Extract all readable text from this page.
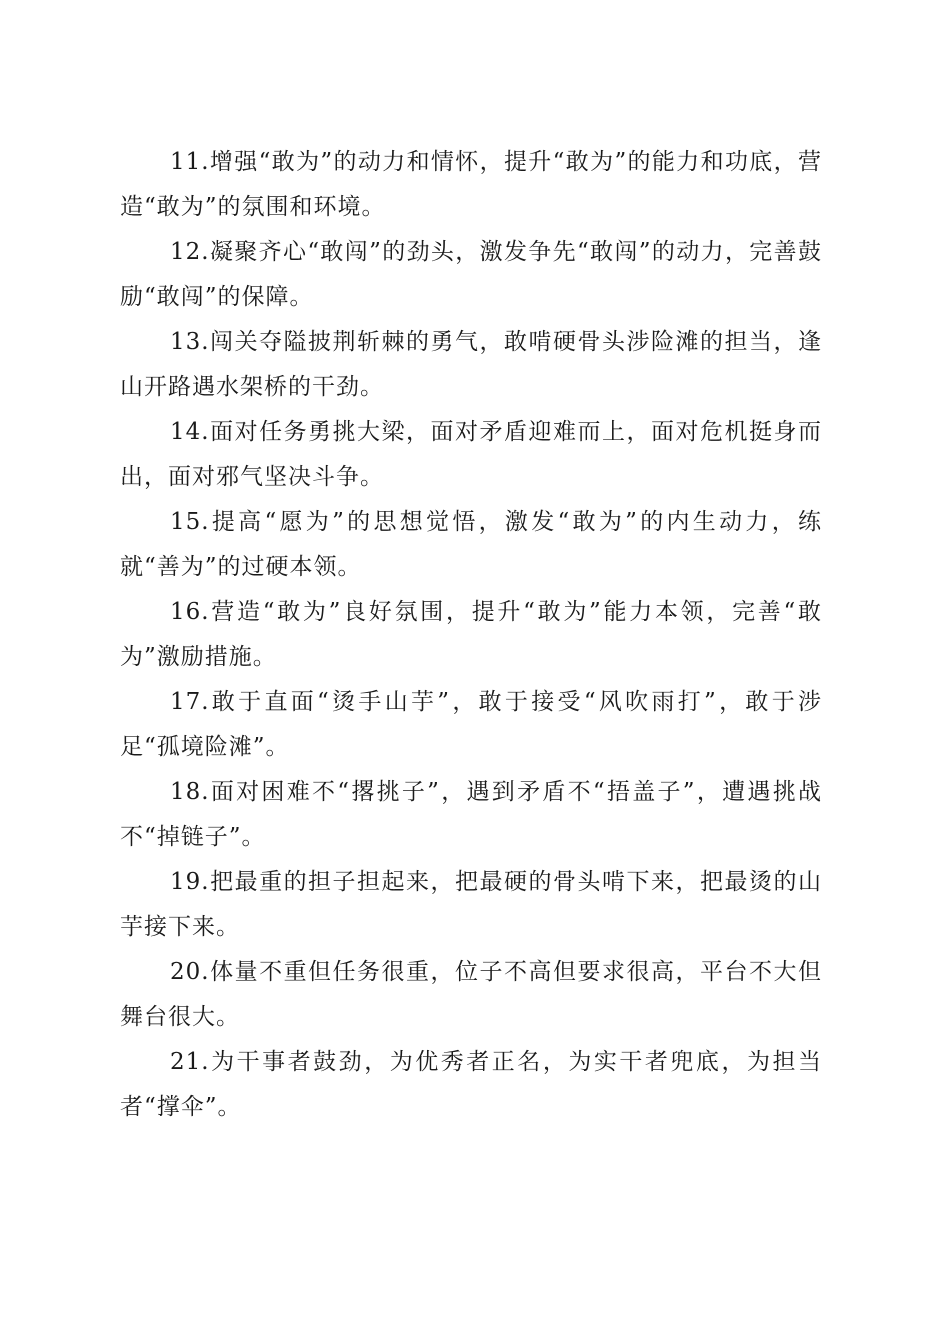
11.增强“敢为”的动力和情怀，提升“敢为”的能力和功底，营造“敢为”的氛围和环境。

12.凝聚齐心“敢闯”的劲头，激发争先“敢闯”的动力，完善鼓励“敢闯”的保障。

13.闯关夺隘披荆斩棘的勇气，敢啃硬骨头涉险滩的担当，逢山开路遇水架桥的干劲。

14.面对任务勇挑大梁，面对矛盾迎难而上，面对危机挺身而出，面对邪气坚决斗争。

15.提高“愿为”的思想觉悟，激发“敢为”的内生动力，练就“善为”的过硬本领。

16.营造“敢为”良好氛围，提升“敢为”能力本领，完善“敢为”激励措施。

17.敢于直面“烫手山芋”，敢于接受“风吹雨打”，敢于涉足“孤境险滩”。

18.面对困难不“撂挑子”，遇到矛盾不“捂盖子”，遭遇挑战不“掉链子”。

19.把最重的担子担起来，把最硬的骨头啃下来，把最烫的山芋接下来。

20.体量不重但任务很重，位子不高但要求很高，平台不大但舞台很大。

21.为干事者鼓劲，为优秀者正名，为实干者兜底，为担当者“撑伞”。
